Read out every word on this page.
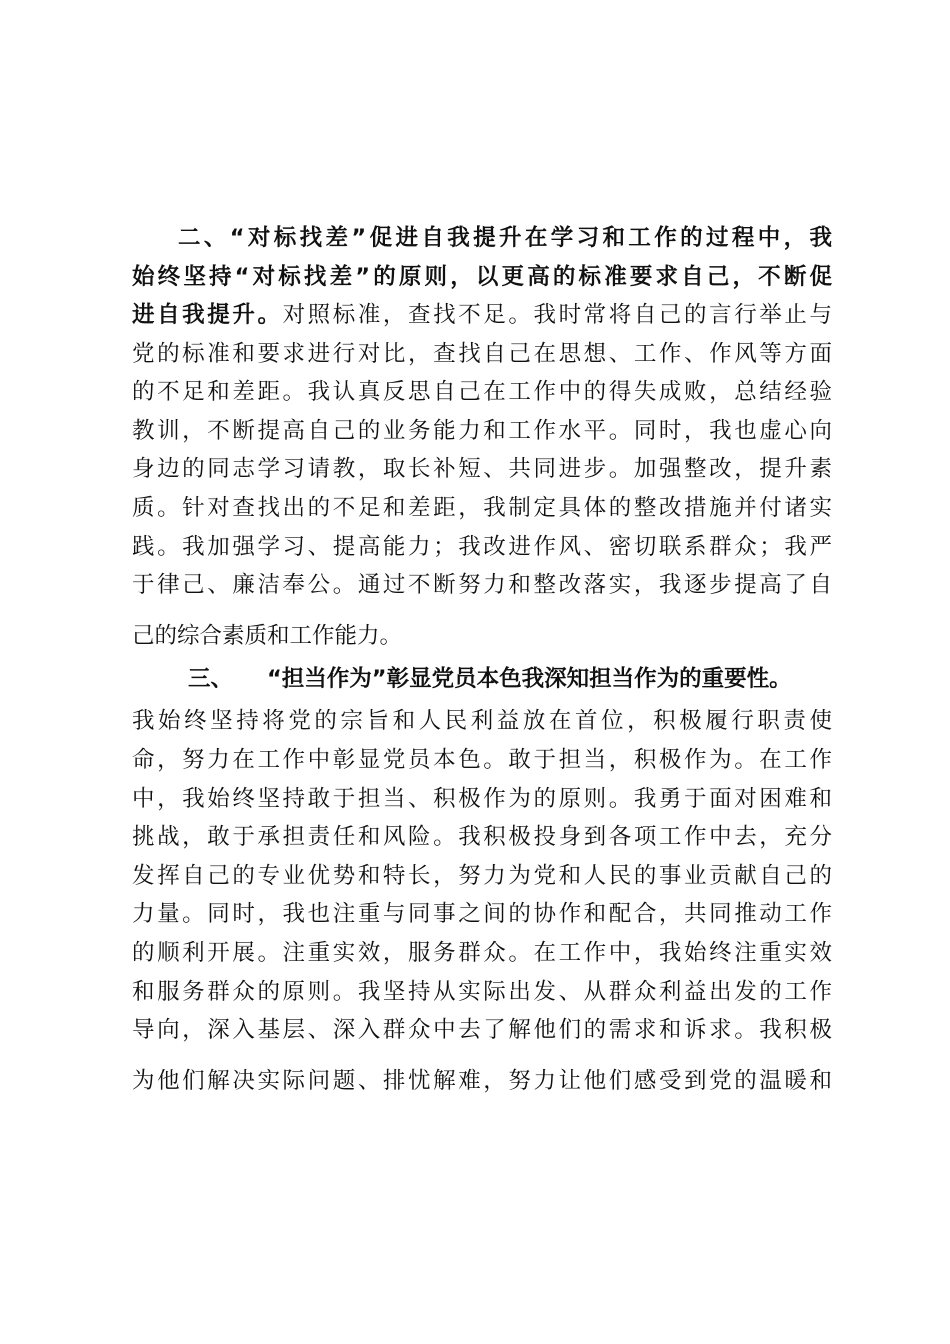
二、“对标找差”促进自我提升在学习和工作的过程中，我
始终坚持“对标找差”的原则，以更高的标准要求自己，不断促
进自我提升。对照标准，查找不足。我时常将自己的言行举止与
党的标准和要求进行对比，查找自己在思想、工作、作风等方面
的不足和差距。我认真反思自己在工作中的得失成败，总结经验
教训，不断提高自己的业务能力和工作水平。同时，我也虚心向
身边的同志学习请教，取长补短、共同进步。加强整改，提升素
质。针对查找出的不足和差距，我制定具体的整改措施并付诸实
践。我加强学习、提高能力；我改进作风、密切联系群众；我严
于律己、廉洁奉公。通过不断努力和整改落实，我逐步提高了自
己的综合素质和工作能力。
三、 “担当作为”彰显党员本色我深知担当作为的重要性。
我始终坚持将党的宗旨和人民利益放在首位，积极履行职责使
命，努力在工作中彰显党员本色。敢于担当，积极作为。在工作
中，我始终坚持敢于担当、积极作为的原则。我勇于面对困难和
挑战，敢于承担责任和风险。我积极投身到各项工作中去，充分
发挥自己的专业优势和特长，努力为党和人民的事业贡献自己的
力量。同时，我也注重与同事之间的协作和配合，共同推动工作
的顺利开展。注重实效，服务群众。在工作中，我始终注重实效
和服务群众的原则。我坚持从实际出发、从群众利益出发的工作
导向，深入基层、深入群众中去了解他们的需求和诉求。我积极
为他们解决实际问题、排忧解难，努力让他们感受到党的温暖和
